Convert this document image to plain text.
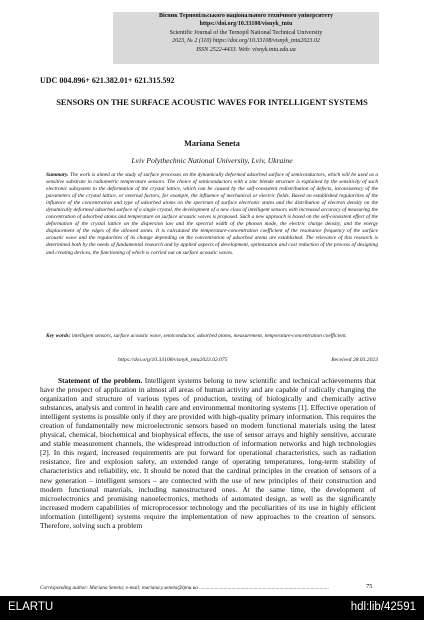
Вісник Тернопільського національного технічного університету
https://doi.org/10.33108/visnyk_tntu
Scientific Journal of the Ternopil National Technical University
2023, № 2 (110) https://doi.org/10.33108/visnyk_tntu2023.02
ISSN 2522-4433. Web: visnyk.tntu.edu.ua
UDC 004.896+ 621.382.01+ 621.315.592
SENSORS ON THE SURFACE ACOUSTIC WAVES FOR INTELLIGENT SYSTEMS
Mariana Seneta
Lviv Polythechnic National University, Lviv, Ukraine
Summary. The work is aimed at the study of surface processes on the dynamically deformed adsorbed surface of semiconductors, which will be used as a sensitive substrate in radiometric temperature sensors. The choice of semiconductors with a zinc blende structure is explained by the sensitivity of such electronic subsystem to the deformation of the crystal lattice, which can be caused by the self-consistent redistribution of defects, inconsistency of the parameters of the crystal lattice, or external factors, for example, the influence of mechanical or electric fields. Based on established regularities of the influence of the concentration and type of adsorbed atoms on the spectrum of surface electronic states and the distribution of electron density on the dynamically deformed adsorbed surface of a single crystal, the development of a new class of intelligent sensors with increased accuracy of measuring the concentration of adsorbed atoms and temperature on surface acoustic waves is proposed. Such a new approach is based on the self-consistent effect of the deformation of the crystal lattice on the dispersion law and the spectral width of the phonon mode, the electric charge density, and the energy displacement of the edges of the allowed zones. It is calculated the temperature-concentration coefficient of the resonance frequency of the surface acoustic wave and the regularities of its change depending on the concentration of adsorbed atoms are established. The relevance of this research is determined both by the needs of fundamental research and by applied aspects of development, optimization and cost reduction of the process of designing and creating devices, the functioning of which is carried out on surface acoustic waves.
Key words: intelligent sensors, surface acoustic wave, semiconductor, adsorbed atoms, measurement, temperature-concentration coefficient.
https://doi.org/10.33108/visnyk_tntu2023.02.075	Received 28.03.2023
Statement of the problem. Intelligent systems belong to new scientific and technical achievements that have the prospect of application in almost all areas of human activity and are capable of radically changing the organization and structure of various types of production, testing of biologically and chemically active substances, analysis and control in health care and environmental monitoring systems [1]. Effective operation of intelligent systems is possible only if they are provided with high-quality primary information. This requires the creation of fundamentally new microelectronic sensors based on modern functional materials using the latest physical, chemical, biochemical and biophysical effects, the use of sensor arrays and highly sensitive, accurate and stable measurement channels, the widespread introduction of information networks and high technologies [2]. In this regard, increased requirements are put forward for operational characteristics, such as radiation resistance, fire and explosion safety, an extended range of operating temperatures, long-term stability of characteristics and reliability, etc. It should be noted that the cardinal principles in the creation of sensors of a new generation – intelligent sensors – are connected with the use of new principles of their construction and modern functional materials, including nanostructured ones. At the same time, the development of microelectronics and promising nanoelectronics, methods of automated design, as well as the significantly increased modern capabilities of microprocessor technology and the peculiarities of its use in highly efficient information (intelligent) systems require the implementation of new approaches to the creation of sensors. Therefore, solving such a problem
Corresponding author: Mariana Seneta; e-mail: mariana.y.seneta@lpnu.ua ....................................................................................................	75
ELARTU	hdl:lib/42591
